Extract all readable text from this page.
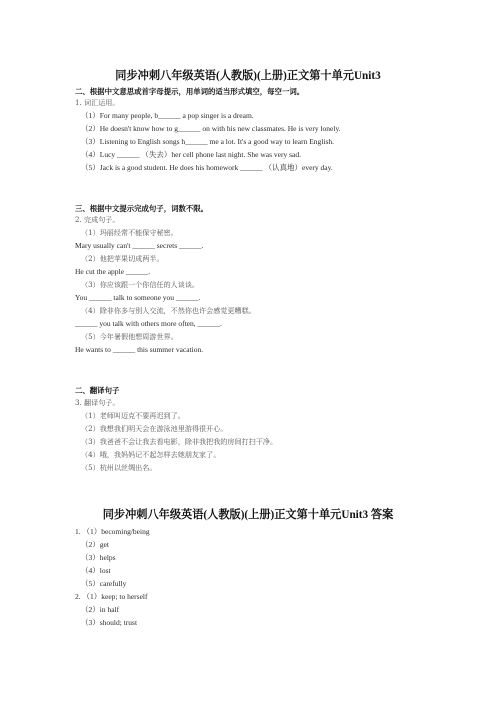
同步冲刺八年级英语(人教版)(上册)正文第十单元Unit3
二、根据中文意思或首字母提示，用单词的适当形式填空，每空一词。
1. 词汇运用。
（1）For many people, b______ a pop singer is a dream.
（2）He doesn't know how to g______ on with his new classmates. He is very lonely.
（3）Listening to English songs h______ me a lot. It's a good way to learn English.
（4）Lucy ______ （失去）her cell phone last night. She was very sad.
（5）Jack is a good student. He does his homework ______ （认真地）every day.
三、根据中文提示完成句子，词数不限。
2. 完成句子。
（1）玛丽经常不能保守秘密。
Mary usually can't ______ secrets ______.
（2）他把苹果切成两半。
He cut the apple ______.
（3）你应该跟一个你信任的人谈谈。
You ______ talk to someone you ______.
（4）除非你多与别人交流，不然你也许会感觉更糟糕。
______ you talk with others more often, ______.
（5）今年暑假他想周游世界。
He wants to ______ this summer vacation.
二、翻译句子
3. 翻译句子。
（1）老师叫迈克不要再迟到了。
（2）我想我们明天会在游泳池里游得很开心。
（3）我爸爸不会让我去看电影，除非我把我的房间打扫干净。
（4）哦，我妈妈记不起怎样去她朋友家了。
（5）杭州以丝绸出名。
同步冲刺八年级英语(人教版)(上册)正文第十单元Unit3 答案
1. （1）becoming/being
（2）get
（3）helps
（4）lost
（5）carefully
2. （1）keep; to herself
（2）in half
（3）should; trust
